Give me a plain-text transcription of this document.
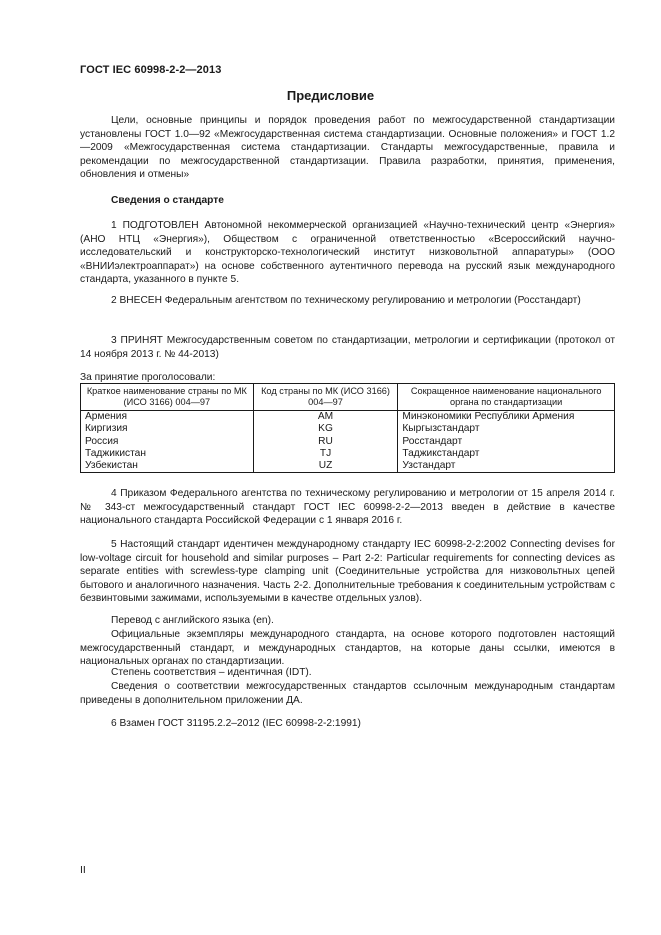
ГОСТ IEC 60998-2-2—2013
Предисловие
Цели, основные принципы и порядок проведения работ по межгосударственной стандартизации установлены ГОСТ 1.0—92 «Межгосударственная система стандартизации. Основные положения» и ГОСТ 1.2—2009 «Межгосударственная система стандартизации. Стандарты межгосударственные, правила и рекомендации по межгосударственной стандартизации. Правила разработки, принятия, применения, обновления и отмены»
Сведения о стандарте
1 ПОДГОТОВЛЕН Автономной некоммерческой организацией «Научно-технический центр «Энергия» (АНО НТЦ «Энергия»), Обществом с ограниченной ответственностью «Всероссийский научно-исследовательский и конструкторско-технологический институт низковольтной аппаратуры» (ООО «ВНИИэлектроаппарат») на основе собственного аутентичного перевода на русский язык международного стандарта, указанного в пункте 5.
2 ВНЕСЕН Федеральным агентством по техническому регулированию и метрологии (Росстандарт)
3 ПРИНЯТ Межгосударственным советом по стандартизации, метрологии и сертификации (протокол от 14 ноября 2013 г. № 44-2013)
За принятие проголосовали:
Краткое наименование страны по МК (ИСО 3166) 004—97	Код страны по МК (ИСО 3166) 004—97	Сокращенное наименование национального органа по стандартизации
Армения	AM	Минэкономики Республики Армения
Киргизия	KG	Кыргызстандарт
Россия	RU	Росстандарт
Таджикистан	TJ	Таджикстандарт
Узбекистан	UZ	Узстандарт
4 Приказом Федерального агентства по техническому регулированию и метрологии от 15 апреля 2014 г. № 343-ст межгосударственный стандарт ГОСТ IEC 60998-2-2—2013 введен в действие в качестве национального стандарта Российской Федерации с 1 января 2016 г.
5 Настоящий стандарт идентичен международному стандарту IEC 60998-2-2:2002 Connecting devises for low-voltage circuit for household and similar purposes – Part 2-2: Particular requirements for connecting devices as separate entities with screwless-type clamping unit (Соединительные устройства для низковольтных цепей бытового и аналогичного назначения. Часть 2-2. Дополнительные требования к соединительным устройствам с безвинтовыми зажимами, используемыми в качестве отдельных узлов).
Перевод с английского языка (en).
Официальные экземпляры международного стандарта, на основе которого подготовлен настоящий межгосударственный стандарт, и международных стандартов, на которые даны ссылки, имеются в национальных органах по стандартизации.
Степень соответствия – идентичная (IDT).
Сведения о соответствии межгосударственных стандартов ссылочным международным стандартам приведены в дополнительном приложении ДА.
6 Взамен ГОСТ 31195.2.2–2012 (IEC 60998-2-2:1991)
II
